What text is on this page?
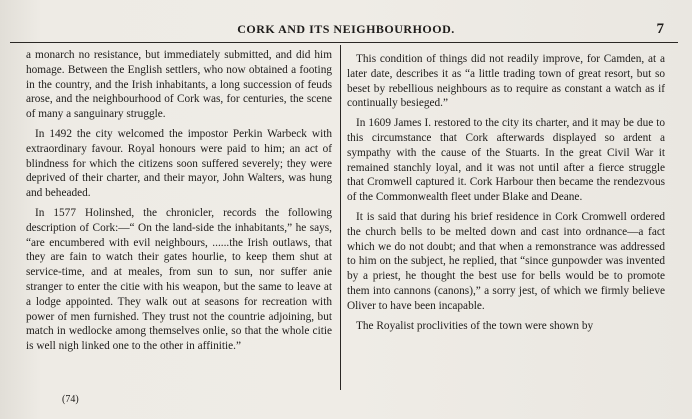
CORK AND ITS NEIGHBOURHOOD.	7

a monarch no resistance, but immediately submitted, and did him homage. Between the English settlers, who now obtained a footing in the country, and the Irish inhabitants, a long succession of feuds arose, and the neighbourhood of Cork was, for centuries, the scene of many a sanguinary struggle.

In 1492 the city welcomed the impostor Perkin Warbeck with extraordinary favour. Royal honours were paid to him; an act of blindness for which the citizens soon suffered severely; they were deprived of their charter, and their mayor, John Walters, was hung and beheaded.

In 1577 Holinshed, the chronicler, records the following description of Cork:—“ On the land-side the inhabitants,” he says, “are encumbered with evil neighbours, ......the Irish outlaws, that they are fain to watch their gates hourlie, to keep them shut at service-time, and at meales, from sun to sun, nor suffer anie stranger to enter the citie with his weapon, but the same to leave at a lodge appointed. They walk out at seasons for recreation with power of men furnished. They trust not the countrie adjoining, but match in wedlocke among themselves onlie, so that the whole citie is well nigh linked one to the other in affinitie.”

This condition of things did not readily improve, for Camden, at a later date, describes it as “a little trading town of great resort, but so beset by rebellious neighbours as to require as constant a watch as if continually besieged.”

In 1609 James I. restored to the city its charter, and it may be due to this circumstance that Cork afterwards displayed so ardent a sympathy with the cause of the Stuarts. In the great Civil War it remained stanchly loyal, and it was not until after a fierce struggle that Cromwell captured it. Cork Harbour then became the rendezvous of the Commonwealth fleet under Blake and Deane.

It is said that during his brief residence in Cork Cromwell ordered the church bells to be melted down and cast into ordnance—a fact which we do not doubt; and that when a remonstrance was addressed to him on the subject, he replied, that “since gunpowder was invented by a priest, he thought the best use for bells would be to promote them into cannons (canons),” a sorry jest, of which we firmly believe Oliver to have been incapable.

The Royalist proclivities of the town were shown by

(74)
